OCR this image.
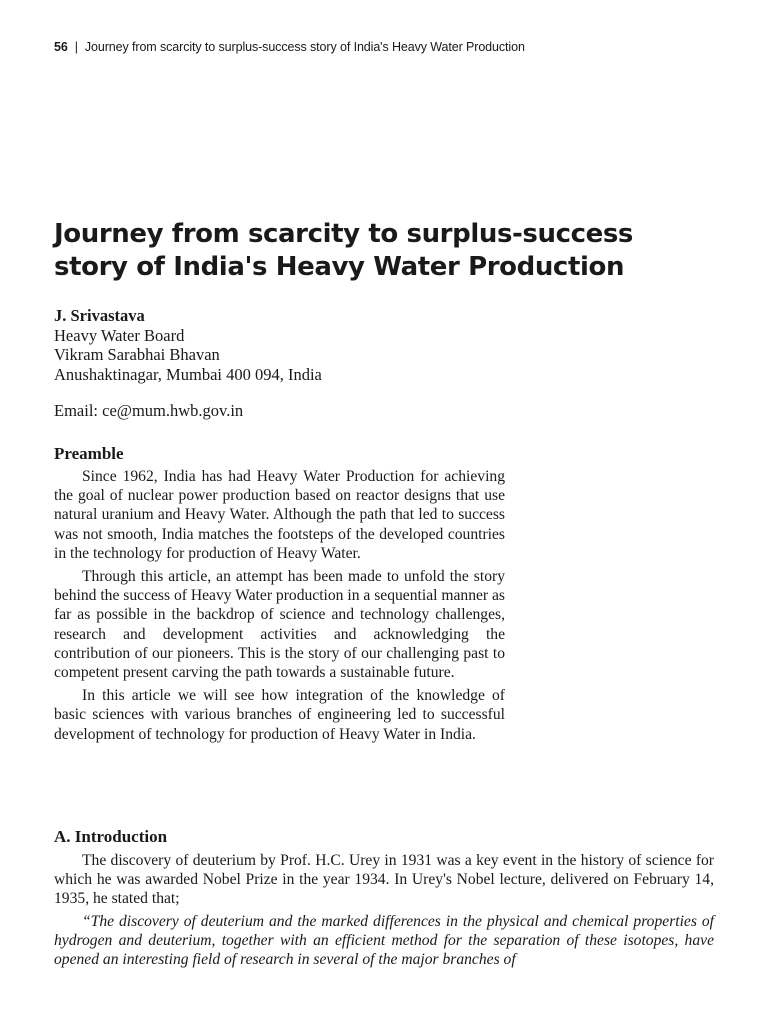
56 | Journey from scarcity to surplus-success story of India's Heavy Water Production
Journey from scarcity to surplus-success
story of India's Heavy Water Production
J. Srivastava
Heavy Water Board
Vikram Sarabhai Bhavan
Anushaktinagar, Mumbai 400 094, India
Email: ce@mum.hwb.gov.in
Preamble

Since 1962, India has had Heavy Water Production for achieving the goal of nuclear power production based on reactor designs that use natural uranium and Heavy Water. Although the path that led to success was not smooth, India matches the footsteps of the developed countries in the technology for production of Heavy Water.

Through this article, an attempt has been made to unfold the story behind the success of Heavy Water production in a sequential manner as far as possible in the backdrop of science and technology challenges, research and development activities and acknowledging the contribution of our pioneers. This is the story of our challenging past to competent present carving the path towards a sustainable future.

In this article we will see how integration of the knowledge of basic sciences with various branches of engineering led to successful development of technology for production of Heavy Water in India.

A. Introduction

The discovery of deuterium by Prof. H.C. Urey in 1931 was a key event in the history of science for which he was awarded Nobel Prize in the year 1934. In Urey's Nobel lecture, delivered on February 14, 1935, he stated that;

“The discovery of deuterium and the marked differences in the physical and chemical properties of hydrogen and deuterium, together with an efficient method for the separation of these isotopes, have opened an interesting field of research in several of the major branches of
